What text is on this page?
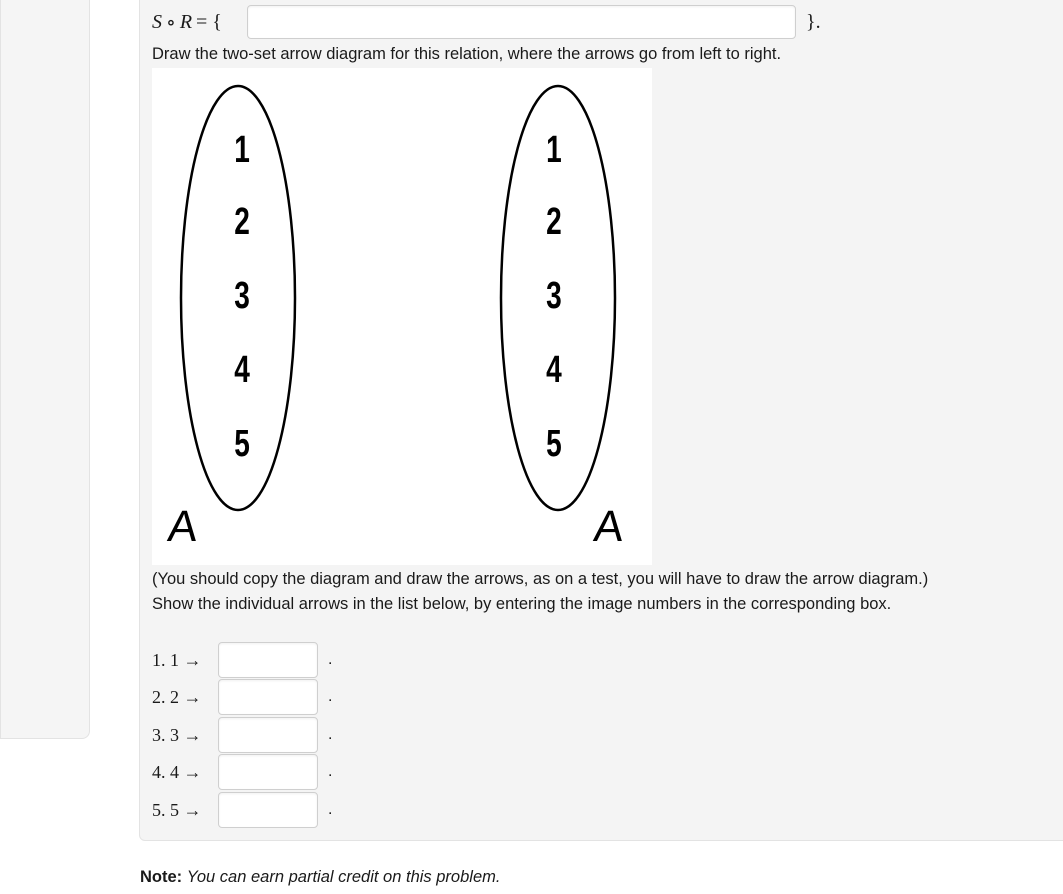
S ∘ R = {	}.
Draw the two-set arrow diagram for this relation, where the arrows go from left to right.
1
2
3
4
5
1
2
3
4
5
A	A
(You should copy the diagram and draw the arrows, as on a test, you will have to draw the arrow diagram.)
Show the individual arrows in the list below, by entering the image numbers in the corresponding box.
1. 1 →	.
2. 2 →	.
3. 3 →	.
4. 4 →	.
5. 5 →	.
Note: You can earn partial credit on this problem.
